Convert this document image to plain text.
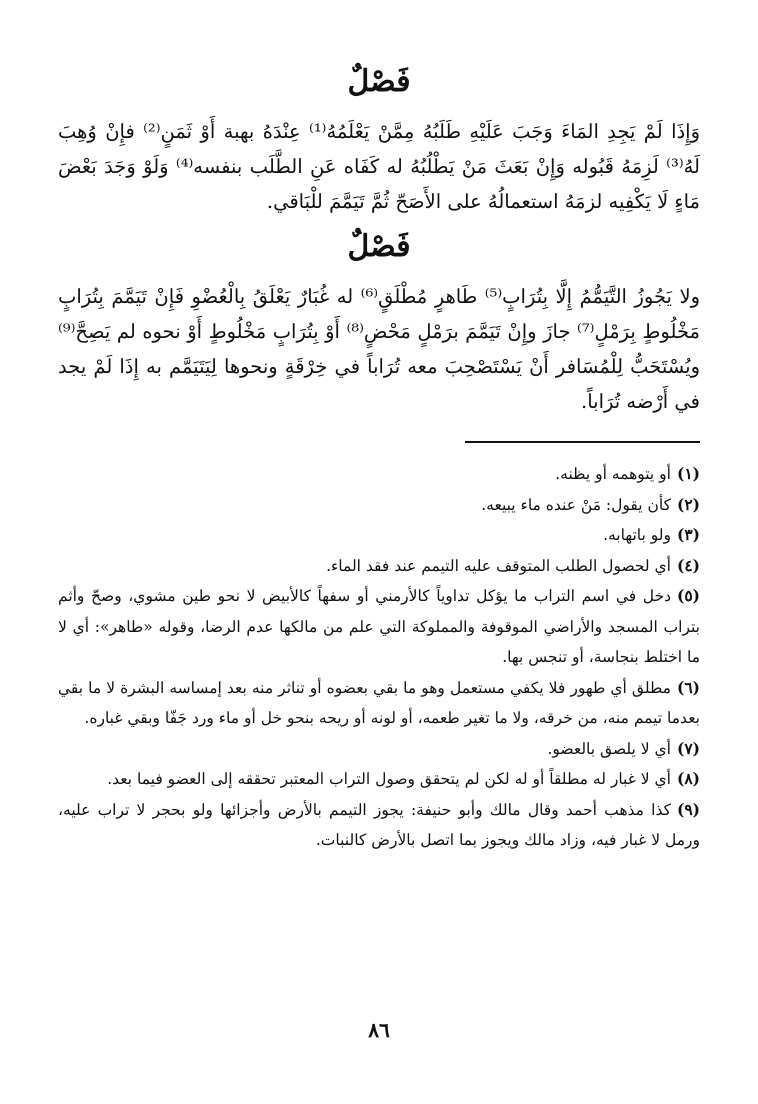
فَصْلٌ

وَإِذَا لَمْ يَجِدِ المَاءَ وَجَبَ عَلَيْهِ طَلَبُهُ مِمَّنْ يَعْلَمُهُ⁽¹⁾ عِنْدَهُ بهبة أَوْ ثَمَنٍ⁽²⁾ فإِنْ وُهِبَ لَهُ⁽³⁾ لَزِمَهُ قَبُوله وَإِنْ بَعَثَ مَنْ يَطْلُبُهُ له كَفَاه عَنِ الطَّلَب بنفسه⁽⁴⁾ وَلَوْ وَجَدَ بَعْضَ مَاءٍ لَا يَكْفِيه لزمَهُ استعمالُهُ على الأَصَحّ ثُمَّ تَيَمَّمَ للْبَاقي.

فَصْلٌ

ولا يَجُوزُ التَّيَمُّمُ إِلَّا بِتُرَابٍ⁽⁵⁾ طَاهرٍ مُطْلَقٍ⁽⁶⁾ له غُبَارٌ يَعْلَقُ بِالْعُضْوِ فَإِنْ تَيَمَّمَ بِتُرَابٍ مَخْلُوطٍ بِرَمْلٍ⁽⁷⁾ جازَ وإِنْ تَيَمَّمَ برَمْلٍ مَحْضٍ⁽⁸⁾ أَوْ بِتُرَابٍ مَخْلُوطٍ أَوْ نحوه لم يَصِحَّ⁽⁹⁾ ويُسْتَحَبُّ لِلْمُسَافر أَنْ يَسْتَصْحِبَ معه تُرَاباً في خِرْقَةٍ ونحوها لِيَتَيَمَّم به إِذَا لَمْ يجد في أَرْضه تُرَاباً.

(١)أو يتوهمه أو يظنه.

(٢)كأن يقول: مَنْ عنده ماء يبيعه.

(٣)ولو باتهابه.

(٤)أي لحصول الطلب المتوقف عليه التيمم عند فقد الماء.

(٥)دخل في اسم التراب ما يؤكل تداوياً كالأرمني أو سفهاً كالأبيض لا نحو طين مشوي، وصحّ وأثم بتراب المسجد والأراضي الموقوفة والمملوكة التي علم من مالكها عدم الرضا، وقوله «طاهر»: أي لا ما اختلط بنجاسة، أو تنجس بها.

(٦)مطلق أي طهور فلا يكفي مستعمل وهو ما بقي بعضوه أو تناثر منه بعد إمساسه البشرة لا ما بقي بعدما تيمم منه، من خرقه، ولا ما تغير طعمه، أو لونه أو ريحه بنحو خل أو ماء ورد جَفّا وبقي غباره.

(٧)أي لا يلصق بالعضو.

(٨)أي لا غبار له مطلقاً أو له لكن لم يتحقق وصول التراب المعتبر تحققه إلى العضو فيما بعد.

(٩)كذا مذهب أحمد وقال مالك وأبو حنيفة: يجوز التيمم بالأرض وأجزائها ولو بحجر لا تراب عليه، ورمل لا غبار فيه، وزاد مالك ويجوز بما اتصل بالأرض كالنبات.

٨٦
